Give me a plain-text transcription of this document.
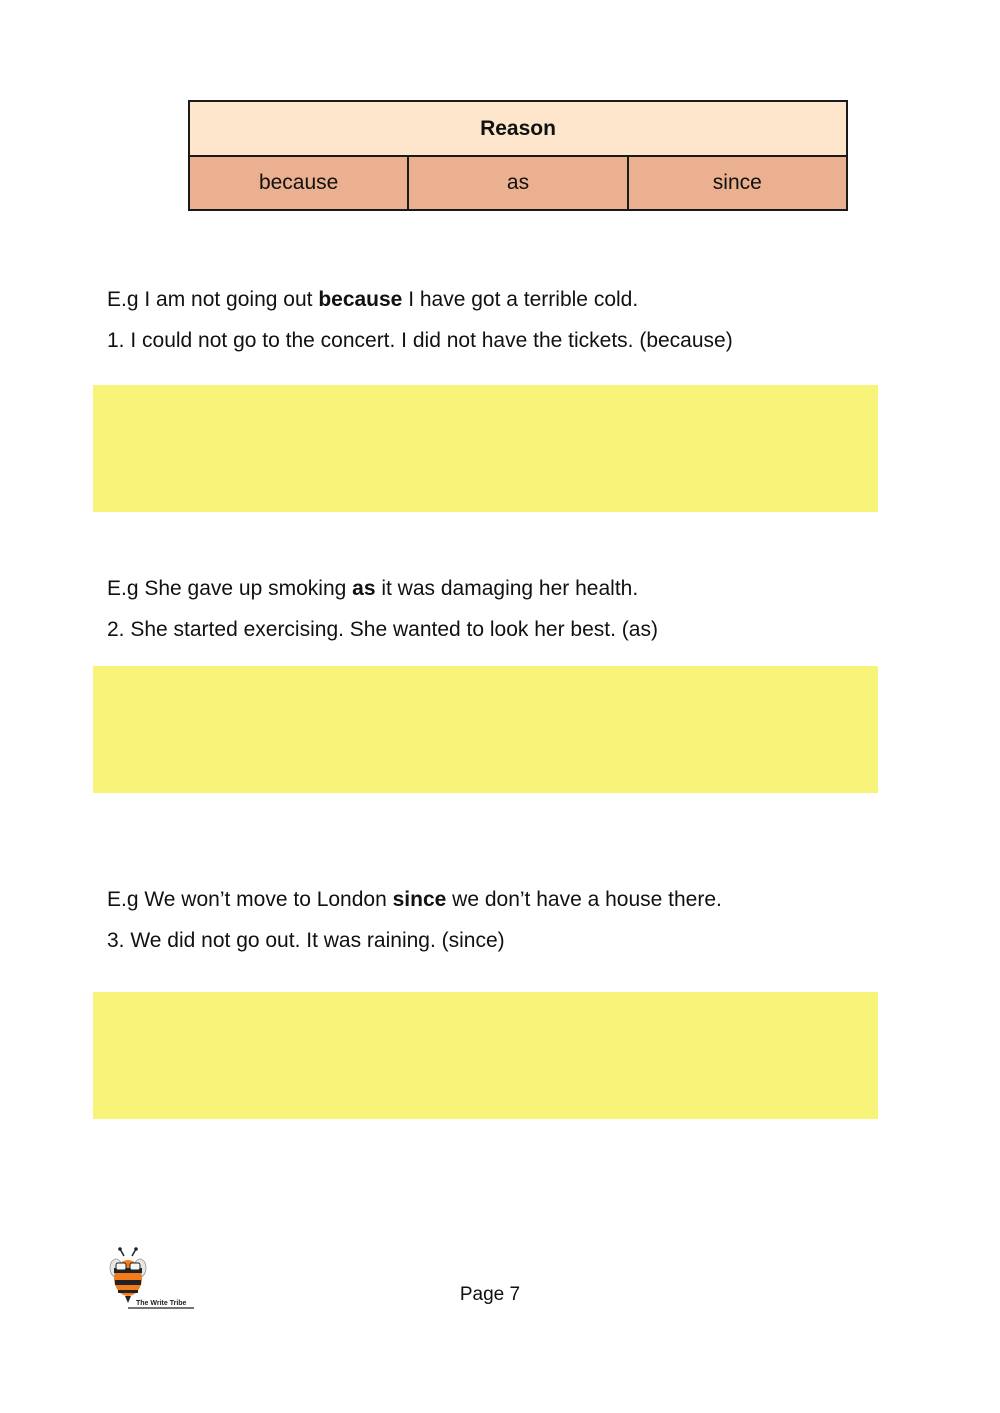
Reason
because	as	since
E.g I am not going out because I have got a terrible cold.
1. I could not go to the concert. I did not have the tickets. (because)
E.g She gave up smoking as it was damaging her health.
2. She started exercising. She wanted to look her best. (as)
E.g We won’t move to London since we don’t have a house there.
3. We did not go out. It was raining. (since)
The Write Tribe	Page 7
